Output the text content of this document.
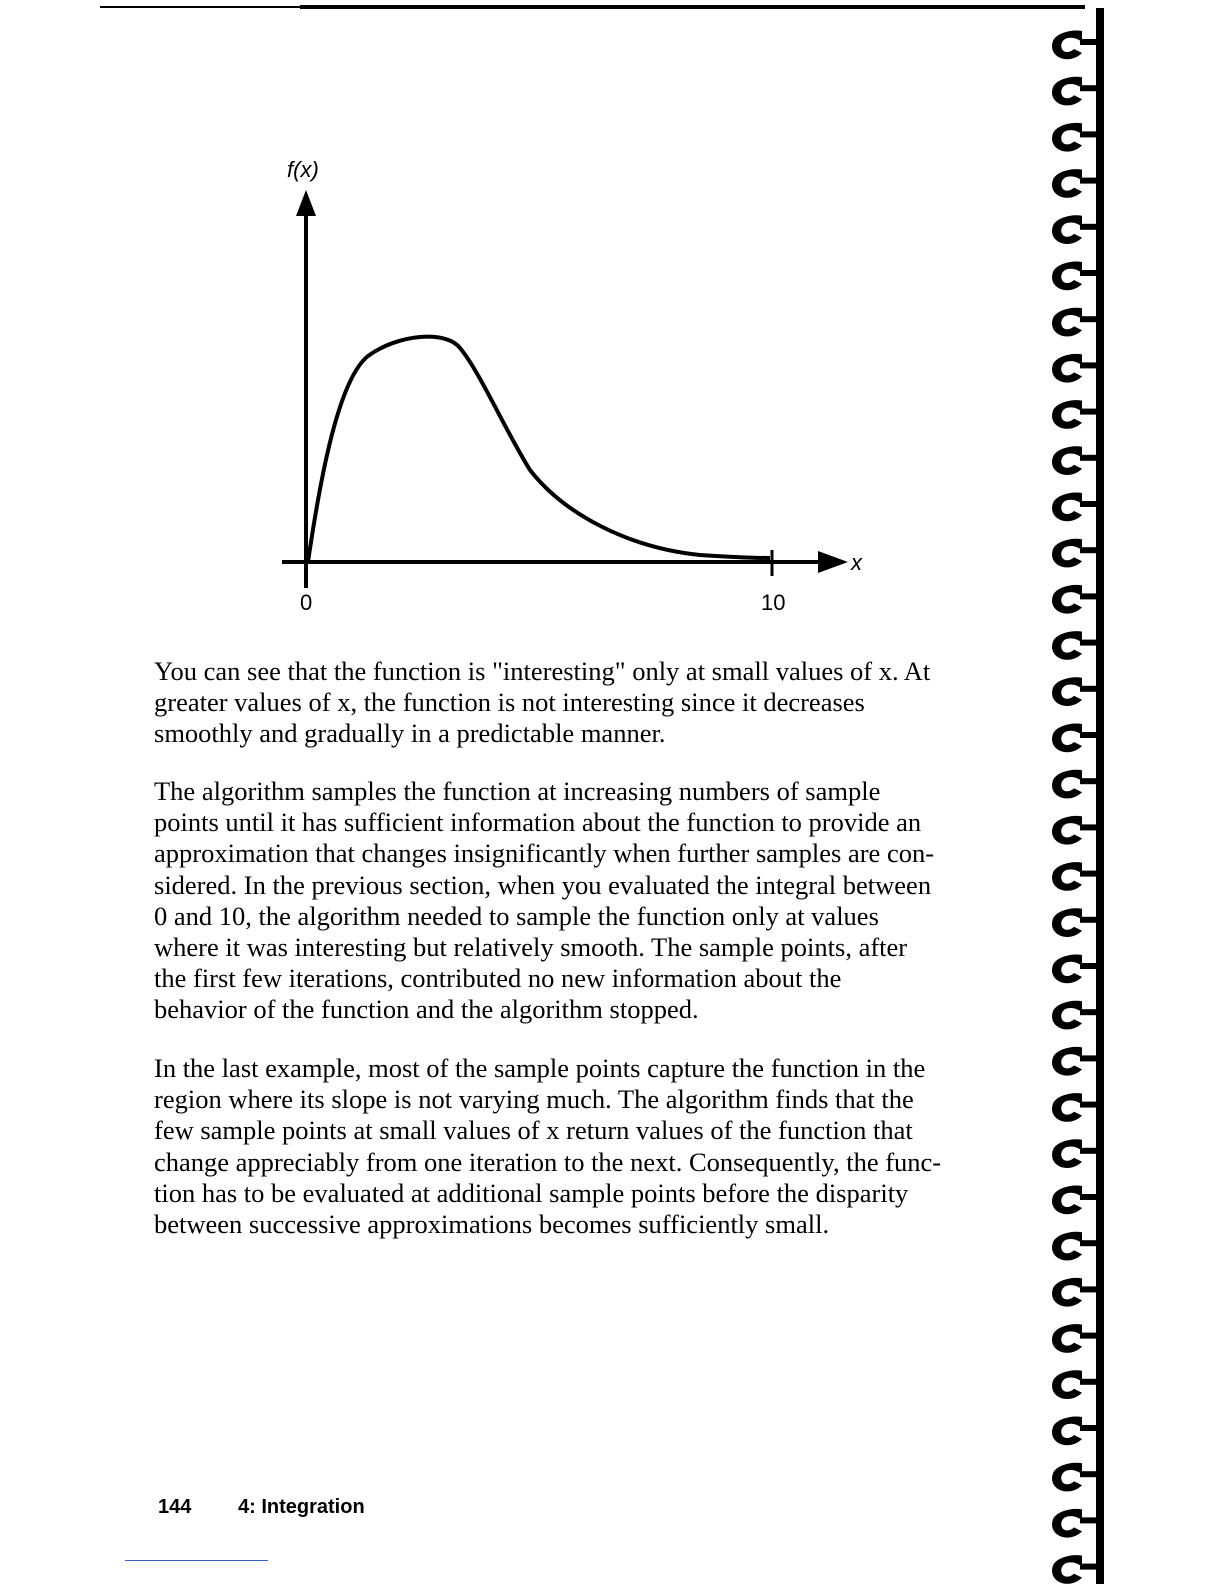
f(x)
x
0	10

You can see that the function is "interesting" only at small values of x. At
greater values of x, the function is not interesting since it decreases
smoothly and gradually in a predictable manner.

The algorithm samples the function at increasing numbers of sample
points until it has sufficient information about the function to provide an
approximation that changes insignificantly when further samples are con-
sidered. In the previous section, when you evaluated the integral between
0 and 10, the algorithm needed to sample the function only at values
where it was interesting but relatively smooth. The sample points, after
the first few iterations, contributed no new information about the
behavior of the function and the algorithm stopped.

In the last example, most of the sample points capture the function in the
region where its slope is not varying much. The algorithm finds that the
few sample points at small values of x return values of the function that
change appreciably from one iteration to the next. Consequently, the func-
tion has to be evaluated at additional sample points before the disparity
between successive approximations becomes sufficiently small.

144 4: Integration
